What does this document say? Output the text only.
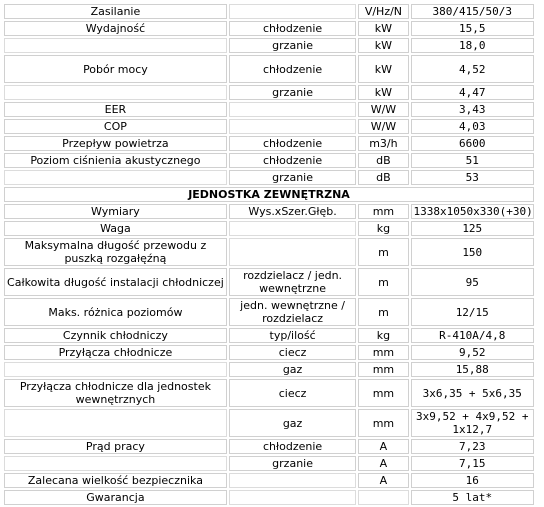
Zasilanie		V/Hz/N	380/415/50/3
Wydajność	chłodzenie	kW	15,5
	grzanie	kW	18,0
Pobór mocy	chłodzenie	kW	4,52
	grzanie	kW	4,47
EER		W/W	3,43
COP		W/W	4,03
Przepływ powietrza	chłodzenie	m3/h	6600
Poziom ciśnienia akustycznego	chłodzenie	dB	51
	grzanie	dB	53
JEDNOSTKA ZEWNĘTRZNA			
Wymiary	Wys.xSzer.Głęb.	mm	1338x1050x330(+30)
Waga		kg	125
Maksymalna długość przewodu z puszką rozgałęźną		m	150
Całkowita długość instalacji chłodniczej	rozdzielacz / jedn. wewnętrzne	m	95
Maks. różnica poziomów	jedn. wewnętrzne / rozdzielacz	m	12/15
Czynnik chłodniczy	typ/ilość	kg	R-410A/4,8
Przyłącza chłodnicze	ciecz	mm	9,52
	gaz	mm	15,88
Przyłącza chłodnicze dla jednostek wewnętrznych	ciecz	mm	3x6,35 + 5x6,35
	gaz	mm	3x9,52 + 4x9,52 + 1x12,7
Prąd pracy	chłodzenie	A	7,23
	grzanie	A	7,15
Zalecana wielkość bezpiecznika		A	16
Gwarancja			5 lat*
